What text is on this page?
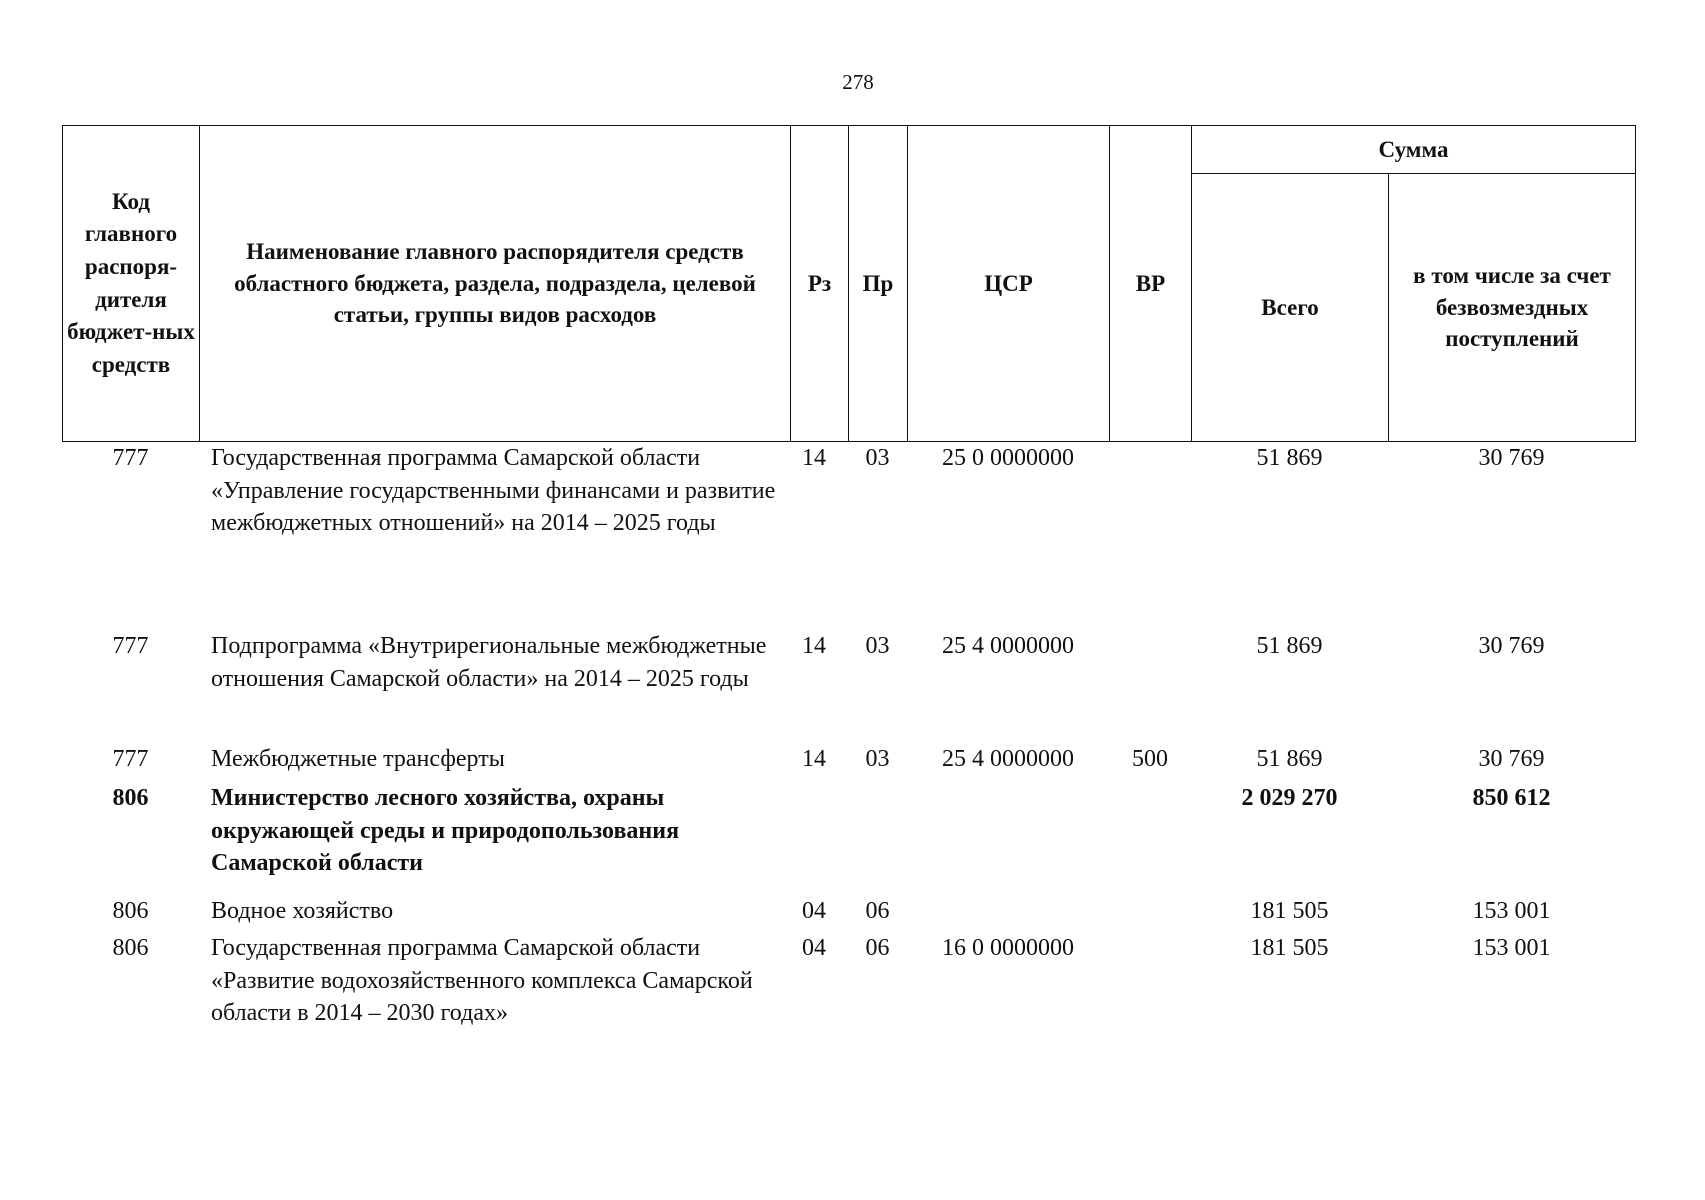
278
Код главного распоря-дителя бюджет-ных средств	Наименование главного распорядителя средств областного бюджета, раздела, подраздела, целевой статьи, группы видов расходов	Рз	Пр	ЦСР	ВР	Сумма	
						Всего	в том числе за счет безвозмездных поступлений
777	Государственная программа Самарской области «Управление государственными финансами и развитие межбюджетных отношений» на 2014 – 2025 годы	14	03	25 0 0000000		51 869	30 769
777	Подпрограмма «Внутрирегиональные межбюджетные отношения Самарской области» на 2014 – 2025 годы	14	03	25 4 0000000		51 869	30 769
777	Межбюджетные трансферты	14	03	25 4 0000000	500	51 869	30 769
806	Министерство лесного хозяйства, охраны окружающей среды и природопользования Самарской области					2 029 270	850 612
806	Водное хозяйство	04	06			181 505	153 001
806	Государственная программа Самарской области «Развитие водохозяйственного комплекса Самарской области в 2014 – 2030 годах»	04	06	16 0 0000000		181 505	153 001
